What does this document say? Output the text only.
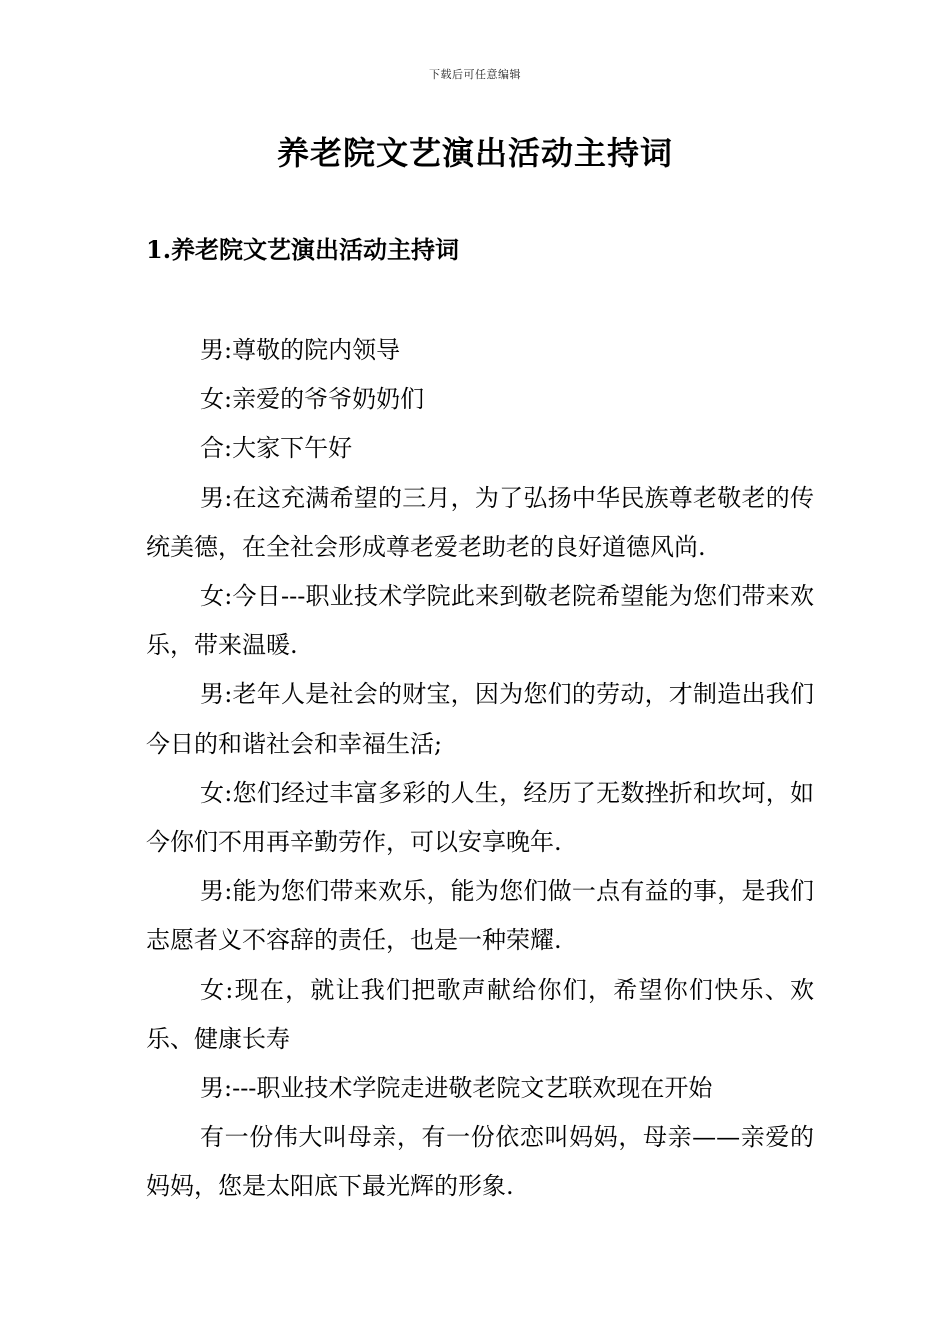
下载后可任意编辑
养老院文艺演出活动主持词
1.养老院文艺演出活动主持词

男:尊敬的院内领导

女:亲爱的爷爷奶奶们

合:大家下午好

男:在这充满希望的三月，为了弘扬中华民族尊老敬老的传统美德，在全社会形成尊老爱老助老的良好道德风尚.

女:今日---职业技术学院此来到敬老院希望能为您们带来欢乐，带来温暖.

男:老年人是社会的财宝，因为您们的劳动，才制造出我们今日的和谐社会和幸福生活;

女:您们经过丰富多彩的人生，经历了无数挫折和坎坷，如今你们不用再辛勤劳作，可以安享晚年.

男:能为您们带来欢乐，能为您们做一点有益的事，是我们志愿者义不容辞的责任，也是一种荣耀.

女:现在，就让我们把歌声献给你们，希望你们快乐、欢乐、健康长寿

男:---职业技术学院走进敬老院文艺联欢现在开始

有一份伟大叫母亲，有一份依恋叫妈妈，母亲——亲爱的妈妈，您是太阳底下最光辉的形象.
